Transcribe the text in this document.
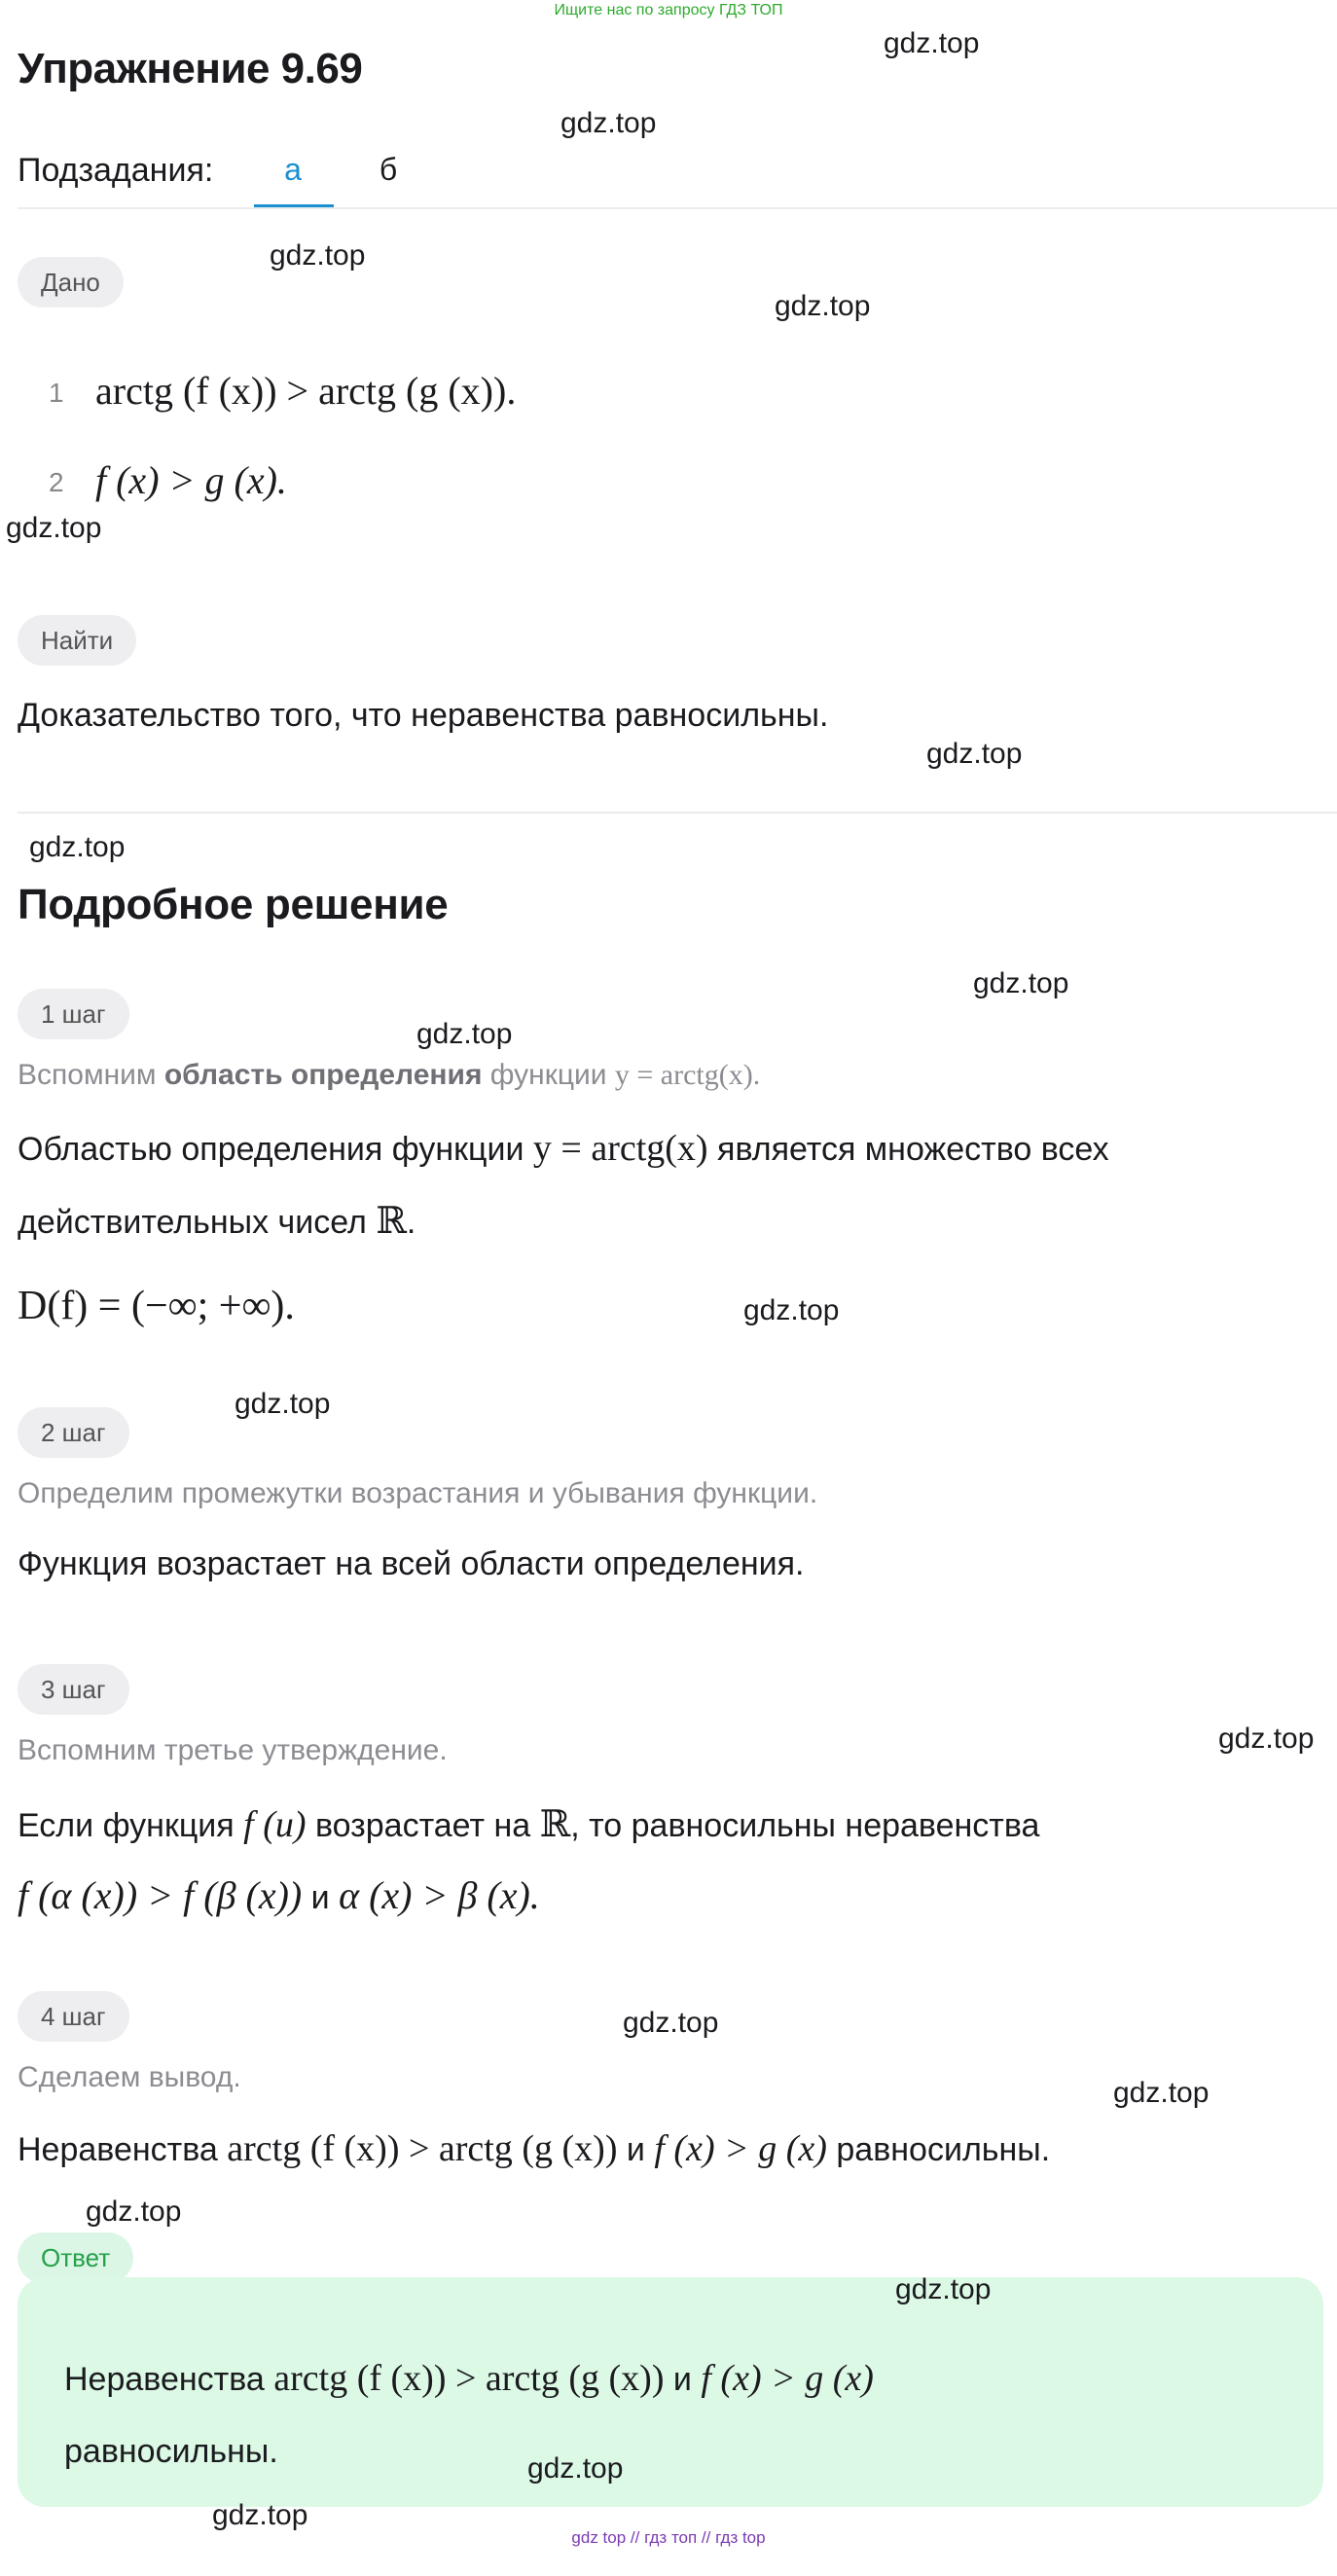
Ищите нас по запросу ГДЗ ТОП
Упражнение 9.69
Подзадания:	а	б
Дано
1 arctg (f (x)) > arctg (g (x)).
2 f (x) > g (x).
Найти
Доказательство того, что неравенства равносильны.
Подробное решение
1 шаг
Вспомним область определения функции y = arctg(x).
Областью определения функции y = arctg(x) является множество всех
действительных чисел ℝ.
D(f) = (−∞; +∞).
2 шаг
Определим промежутки возрастания и убывания функции.
Функция возрастает на всей области определения.
3 шаг
Вспомним третье утверждение.
Если функция f (u) возрастает на ℝ, то равносильны неравенства
f (α (x)) > f (β (x)) и α (x) > β (x).
4 шаг
Сделаем вывод.
Неравенства arctg (f (x)) > arctg (g (x)) и f (x) > g (x) равносильны.
Ответ
Неравенства arctg (f (x)) > arctg (g (x)) и f (x) > g (x)
равносильны.
gdz.top
gdz.top
gdz.top
gdz.top
gdz.top
gdz.top
gdz.top
gdz.top
gdz.top
gdz.top
gdz.top
gdz.top
gdz.top
gdz.top
gdz.top
gdz.top
gdz.top
gdz.top
gdz top // гдз топ // гдз top
